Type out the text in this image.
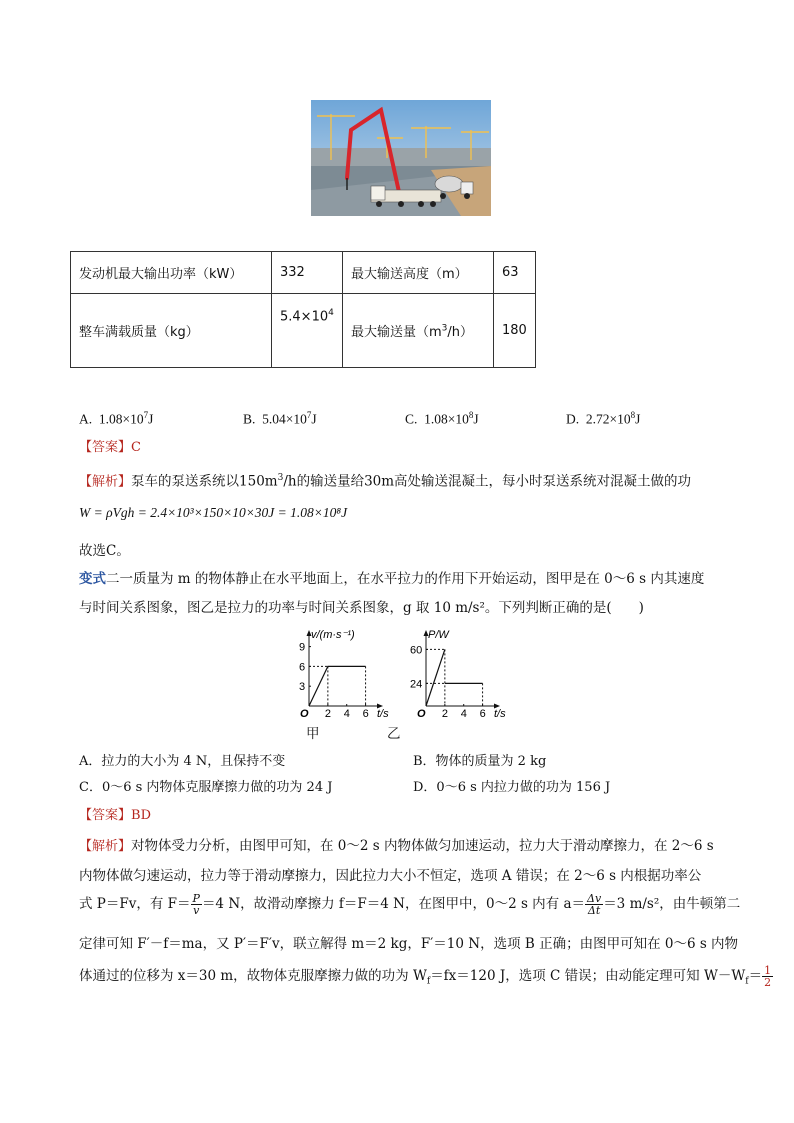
发动机最大输出功率（kW）	332	最大输送高度（m）	63
整车满载质量（kg）	$5.4\times 10^4$	最大输送量$(m^3/h)$	180
A. $1.08\times 10^7J$	B. $5.04\times 10^7J$	C. $1.08\times 10^8J$	D. $2.72\times 10^8J$
【答案】C
【解析】泵车的泵送系统以$150m^3/h$的输送量给30m高处输送混凝土，每小时泵送系统对混凝土做的功
W = ρVgh = 2.4×10³×150×10×30J = 1.08×10⁸J
故选C。
变式二一质量为 m 的物体静止在水平地面上，在水平拉力的作用下开始运动，图甲是在 0～6 s 内其速度
与时间关系图象，图乙是拉力的功率与时间关系图象，g 取 10 m/s²。下列判断正确的是(　　)
O	t/s
v/(m·s⁻¹)
2 4 6
3
6
9
O	t/s
P/W
2 4 6
24
60
甲	乙
A．拉力的大小为 4 N，且保持不变	B．物体的质量为 2 kg
C．0～6 s 内物体克服摩擦力做的功为 24 J	D．0～6 s 内拉力做的功为 156 J
【答案】BD
【解析】对物体受力分析，由图甲可知，在 0～2 s 内物体做匀加速运动，拉力大于滑动摩擦力，在 2～6 s
内物体做匀速运动，拉力等于滑动摩擦力，因此拉力大小不恒定，选项 A 错误；在 2～6 s 内根据功率公
式 P＝Fv，有 $F= \frac{P}{v} =4$ N，故滑动摩擦力 f＝F＝4 N，在图甲中，0～2 s 内有 $a= \frac{\Delta v}{\Delta t} =3$ m/s²，由牛顿第二
定律可知 F′－f＝ma，又 P′＝F′v，联立解得 m＝2 kg，F′＝10 N，选项 B 正确；由图甲可知在 0～6 s 内物
体通过的位移为 x＝30 m，故物体克服摩擦力做的功为 $W_f=fx=120$ J，选项 C 错误；由动能定理可知 $W-W_f= \frac{1}{2}$
